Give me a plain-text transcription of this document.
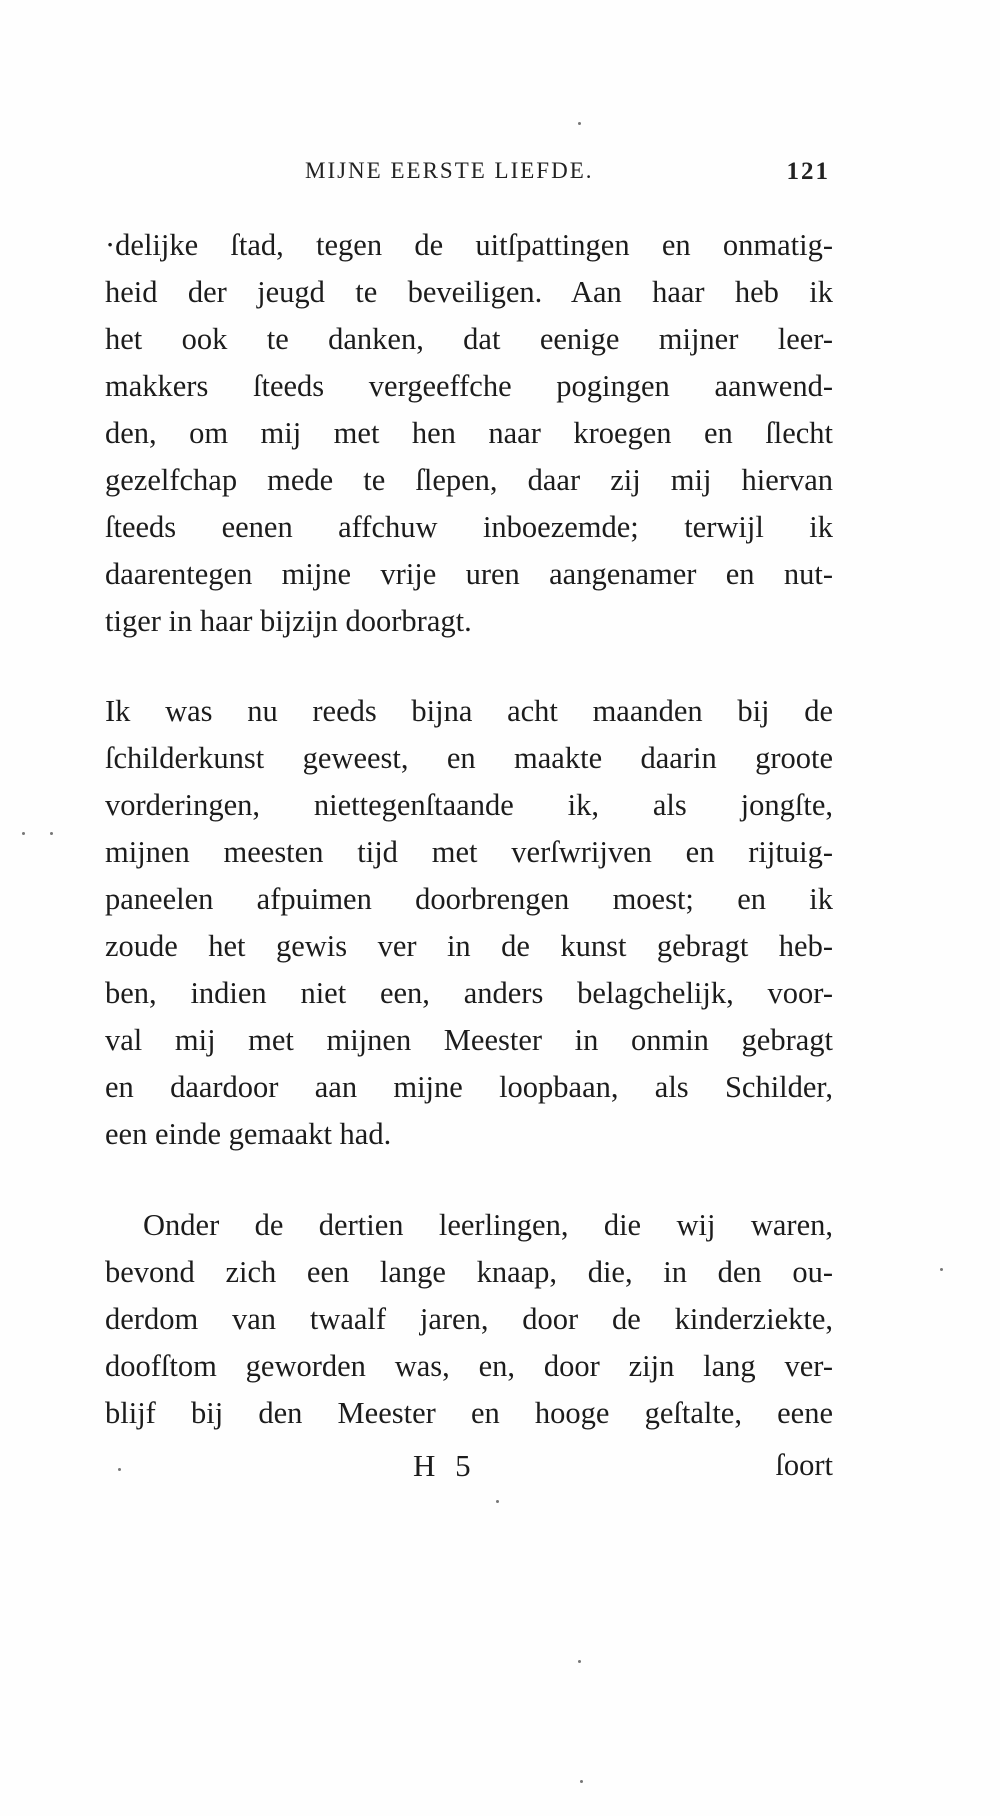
MIJNE EERSTE LIEFDE.	121
·delijke ſtad, tegen de uitſpattingen en onmatig-
heid der jeugd te beveiligen. Aan haar heb ik
het ook te danken, dat eenige mijner leer-
makkers ſteeds vergeeffche pogingen aanwend-
den, om mij met hen naar kroegen en ſlecht
gezelfchap mede te ſlepen, daar zij mij hiervan
ſteeds eenen affchuw inboezemde; terwijl ik
daarentegen mijne vrije uren aangenamer en nut-
tiger in haar bijzijn doorbragt.
Ik was nu reeds bijna acht maanden bij de
ſchilderkunst geweest, en maakte daarin groote
vorderingen, niettegenſtaande ik, als jongſte,
mijnen meesten tijd met verſwrijven en rijtuig-
paneelen afpuimen doorbrengen moest; en ik
zoude het gewis ver in de kunst gebragt heb-
ben, indien niet een, anders belagchelijk, voor-
val mij met mijnen Meester in onmin gebragt
en daardoor aan mijne loopbaan, als Schilder,
een einde gemaakt had.
Onder de dertien leerlingen, die wij waren,
bevond zich een lange knaap, die, in den ou-
derdom van twaalf jaren, door de kinderziekte,
doofſtom geworden was, en, door zijn lang ver-
blijf bij den Meester en hooge geſtalte, eene
H 5	ſoort
